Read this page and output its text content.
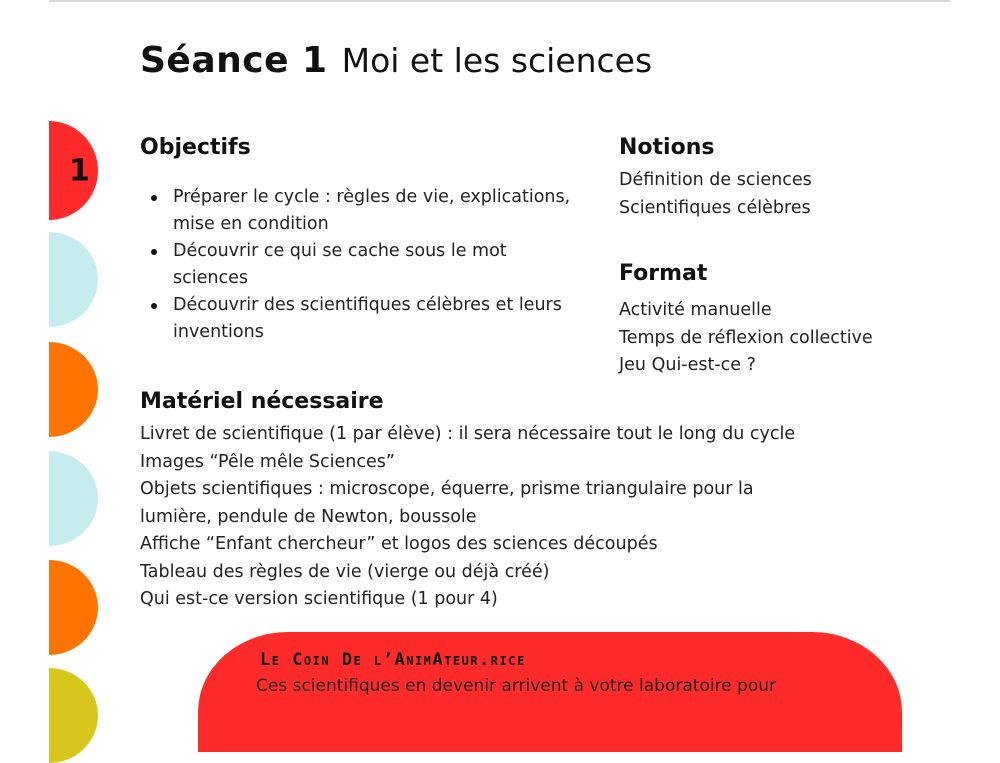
Séance 1 Moi et les sciences
1
Objectifs
Préparer le cycle : règles de vie, explications, mise en condition
Découvrir ce qui se cache sous le mot sciences
Découvrir des scientifiques célèbres et leurs inventions
Notions
Définition de sciences
Scientifiques célèbres
Format
Activité manuelle
Temps de réflexion collective
Jeu Qui-est-ce ?
Matériel nécessaire
Livret de scientifique (1 par élève) : il sera nécessaire tout le long du cycle
Images “Pêle mêle Sciences”
Objets scientifiques : microscope, équerre, prisme triangulaire pour la lumière, pendule de Newton, boussole
Affiche “Enfant chercheur” et logos des sciences découpés
Tableau des règles de vie (vierge ou déjà créé)
Qui est-ce version scientifique (1 pour 4)
Le Coin De l’AnimAteur.rice
Ces scientifiques en devenir arrivent à votre laboratoire pour
